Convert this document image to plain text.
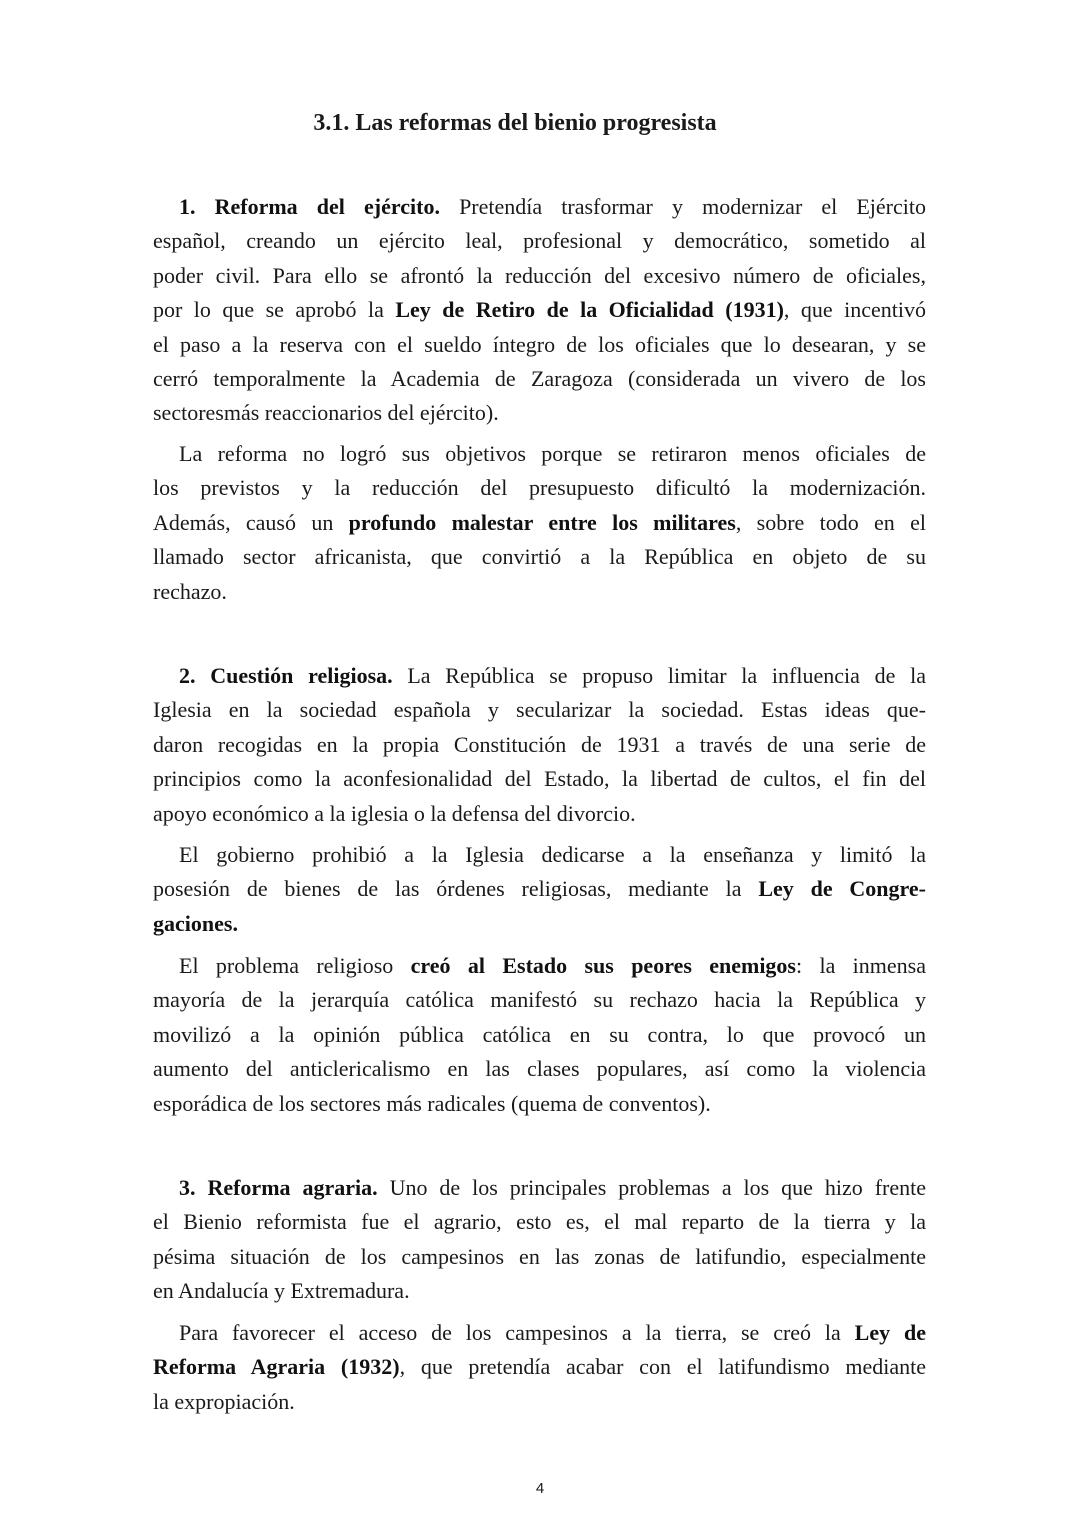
3.1. Las reformas del bienio progresista
1. Reforma del ejército. Pretendía trasformar y modernizar el Ejército
español, creando un ejército leal, profesional y democrático, sometido al
poder civil. Para ello se afrontó la reducción del excesivo número de oficiales,
por lo que se aprobó la Ley de Retiro de la Oficialidad (1931), que incentivó
el paso a la reserva con el sueldo íntegro de los oficiales que lo desearan, y se
cerró temporalmente la Academia de Zaragoza (considerada un vivero de los
sectoresmás reaccionarios del ejército).
La reforma no logró sus objetivos porque se retiraron menos oficiales de
los previstos y la reducción del presupuesto dificultó la modernización.
Además, causó un profundo malestar entre los militares, sobre todo en el
llamado sector africanista, que convirtió a la República en objeto de su
rechazo.
2. Cuestión religiosa. La República se propuso limitar la influencia de la
Iglesia en la sociedad española y secularizar la sociedad. Estas ideas que-
daron recogidas en la propia Constitución de 1931 a través de una serie de
principios como la aconfesionalidad del Estado, la libertad de cultos, el fin del
apoyo económico a la iglesia o la defensa del divorcio.
El gobierno prohibió a la Iglesia dedicarse a la enseñanza y limitó la
posesión de bienes de las órdenes religiosas, mediante la Ley de Congre-
gaciones.
El problema religioso creó al Estado sus peores enemigos: la inmensa
mayoría de la jerarquía católica manifestó su rechazo hacia la República y
movilizó a la opinión pública católica en su contra, lo que provocó un
aumento del anticlericalismo en las clases populares, así como la violencia
esporádica de los sectores más radicales (quema de conventos).
3. Reforma agraria. Uno de los principales problemas a los que hizo frente
el Bienio reformista fue el agrario, esto es, el mal reparto de la tierra y la
pésima situación de los campesinos en las zonas de latifundio, especialmente
en Andalucía y Extremadura.
Para favorecer el acceso de los campesinos a la tierra, se creó la Ley de
Reforma Agraria (1932), que pretendía acabar con el latifundismo mediante
la expropiación.
4
